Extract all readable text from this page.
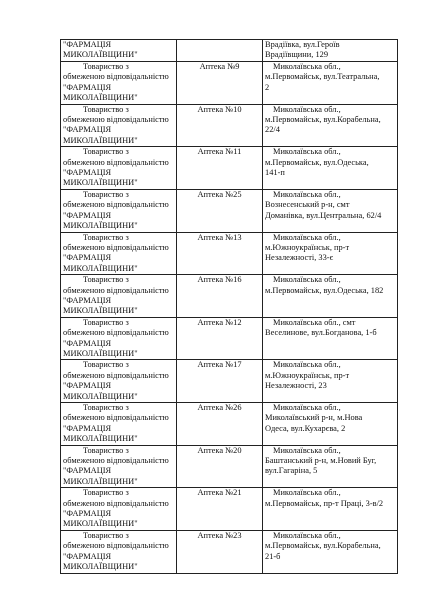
"ФАРМАЦІЯ
МИКОЛАЇВЩИНИ"		Врадіївка, вул.Героїв
Врадіївщини, 129

Товариство з
обмеженою відповідальністю
"ФАРМАЦІЯ
МИКОЛАЇВЩИНИ"	Аптека №9	Миколаївська обл.,
м.Первомайськ, вул.Театральна,
2

Товариство з
обмеженою відповідальністю
"ФАРМАЦІЯ
МИКОЛАЇВЩИНИ"	Аптека №10	Миколаївська обл.,
м.Первомайськ, вул.Корабельна,
22/4

Товариство з
обмеженою відповідальністю
"ФАРМАЦІЯ
МИКОЛАЇВЩИНИ"	Аптека №11	Миколаївська обл.,
м.Первомайськ, вул.Одеська,
141-п

Товариство з
обмеженою відповідальністю
"ФАРМАЦІЯ
МИКОЛАЇВЩИНИ"	Аптека №25	Миколаївська обл.,
Вознесенський р-н, смт
Доманівка, вул.Центральна, 62/4

Товариство з
обмеженою відповідальністю
"ФАРМАЦІЯ
МИКОЛАЇВЩИНИ"	Аптека №13	Миколаївська обл.,
м.Южноукраїнськ, пр-т
Незалежності, 33-є

Товариство з
обмеженою відповідальністю
"ФАРМАЦІЯ
МИКОЛАЇВЩИНИ"	Аптека №16	Миколаївська обл.,
м.Первомайськ, вул.Одеська, 182

Товариство з
обмеженою відповідальністю
"ФАРМАЦІЯ
МИКОЛАЇВЩИНИ"	Аптека №12	Миколаївська обл., смт
Веселинове, вул.Богданова, 1-б

Товариство з
обмеженою відповідальністю
"ФАРМАЦІЯ
МИКОЛАЇВЩИНИ"	Аптека №17	Миколаївська обл.,
м.Южноукраїнськ, пр-т
Незалежності, 23

Товариство з
обмеженою відповідальністю
"ФАРМАЦІЯ
МИКОЛАЇВЩИНИ"	Аптека №26	Миколаївська обл.,
Миколаївський р-н, м.Нова
Одеса, вул.Кухарєва, 2

Товариство з
обмеженою відповідальністю
"ФАРМАЦІЯ
МИКОЛАЇВЩИНИ"	Аптека №20	Миколаївська обл.,
Баштанський р-н, м.Новий Буг,
вул.Гагаріна, 5

Товариство з
обмеженою відповідальністю
"ФАРМАЦІЯ
МИКОЛАЇВЩИНИ"	Аптека №21	Миколаївська обл.,
м.Первомайськ, пр-т Праці, 3-в/2

Товариство з
обмеженою відповідальністю
"ФАРМАЦІЯ
МИКОЛАЇВЩИНИ"	Аптека №23	Миколаївська обл.,
м.Первомайськ, вул.Корабельна,
21-б
